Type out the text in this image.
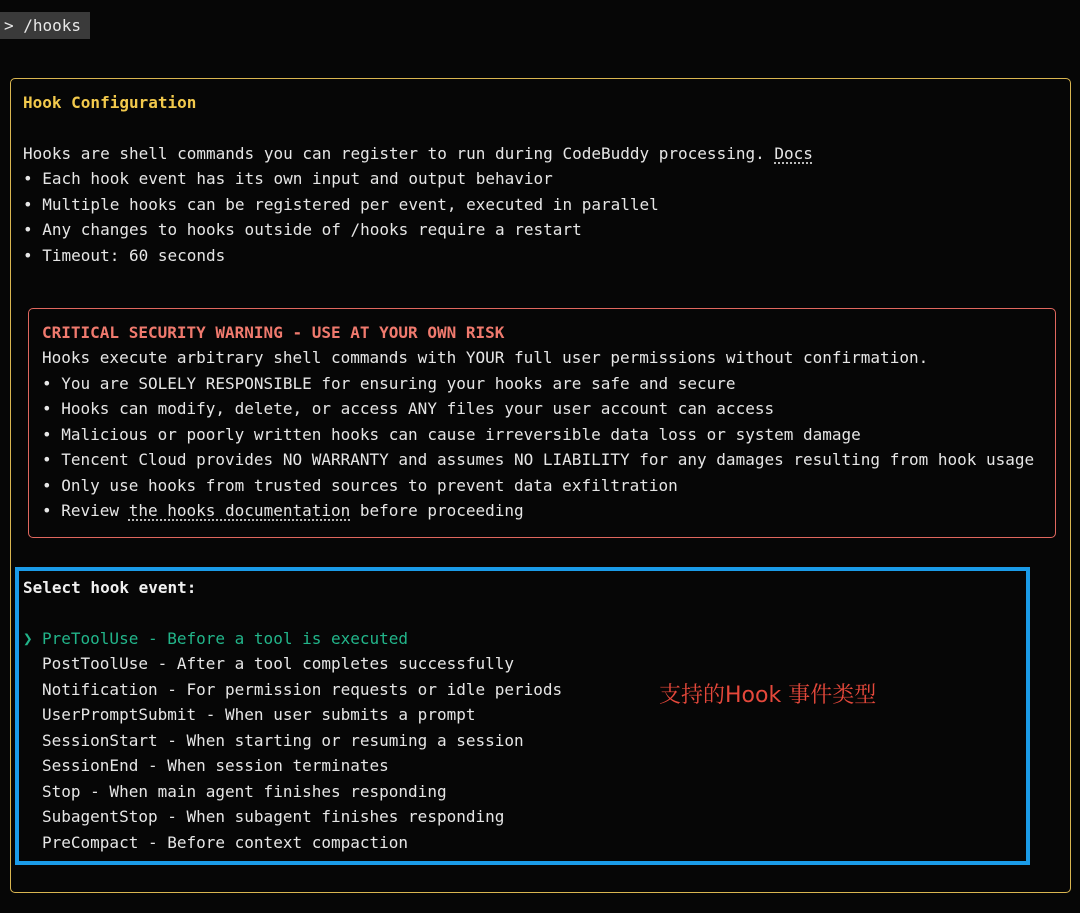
> /hooks
Hook Configuration
Hooks are shell commands you can register to run during CodeBuddy processing. Docs
• Each hook event has its own input and output behavior
• Multiple hooks can be registered per event, executed in parallel
• Any changes to hooks outside of /hooks require a restart
• Timeout: 60 seconds
CRITICAL SECURITY WARNING - USE AT YOUR OWN RISK
Hooks execute arbitrary shell commands with YOUR full user permissions without confirmation.
• You are SOLELY RESPONSIBLE for ensuring your hooks are safe and secure
• Hooks can modify, delete, or access ANY files your user account can access
• Malicious or poorly written hooks can cause irreversible data loss or system damage
• Tencent Cloud provides NO WARRANTY and assumes NO LIABILITY for any damages resulting from hook usage
• Only use hooks from trusted sources to prevent data exfiltration
• Review the hooks documentation before proceeding
Select hook event:
❯ PreToolUse - Before a tool is executed
PostToolUse - After a tool completes successfully
Notification - For permission requests or idle periods
UserPromptSubmit - When user submits a prompt
SessionStart - When starting or resuming a session
SessionEnd - When session terminates
Stop - When main agent finishes responding
SubagentStop - When subagent finishes responding
PreCompact - Before context compaction
支持的Hook 事件类型
